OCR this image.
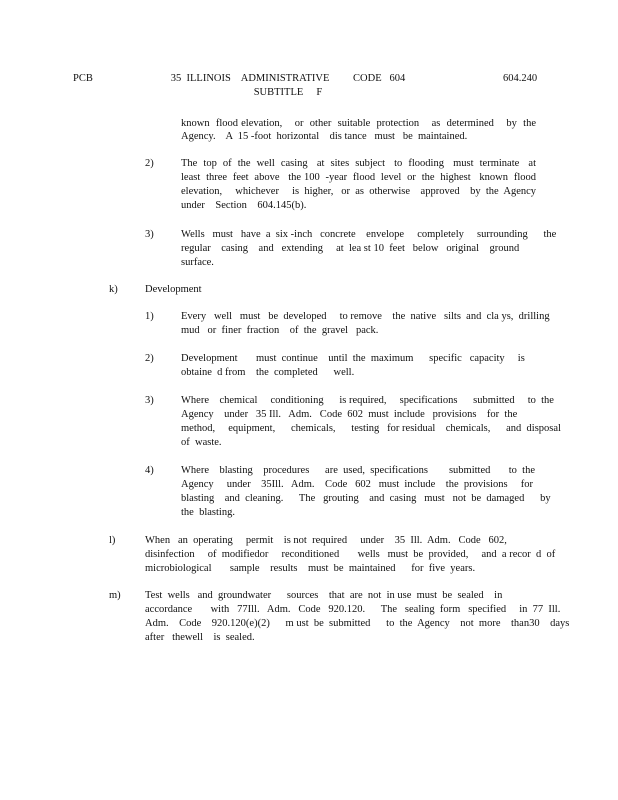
PCB	35  ILLINOIS    ADMINISTRATIVE         CODE   604
SUBTITLE     F
604.240
known  flood elevation,    or  other  suitable  protection    as  determined    by  the
Agency.    A  15 -foot  horizontal    dis tance   must   be  maintained.
2)	The  top  of  the  well  casing   at  sites  subject   to  flooding   must  terminate   at
least  three  feet  above   the 100  -year  flood  level  or  the  highest   known  flood
elevation,     whichever     is  higher,   or  as  otherwise    approved    by  the  Agency
under    Section    604.145(b).
3)	Wells   must   have  a  six -inch   concrete    envelope     completely     surrounding      the
regular    casing    and   extending     at  lea st 10  feet   below   original    ground
surface.
k)	Development
1)	Every   well   must   be  developed     to remove    the  native   silts  and  cla ys,  drilling
mud   or  finer  fraction    of  the  gravel   pack.
2)	Development       must  continue    until  the  maximum      specific   capacity     is
obtaine  d from    the  completed      well.
3)	Where    chemical     conditioning      is required,     specifications      submitted     to  the
Agency    under   35 Ill.   Adm.   Code  602  must  include   provisions    for  the
method,     equipment,      chemicals,      testing   for residual    chemicals,      and  disposal
of  waste.
4)	Where    blasting    procedures      are  used,  specifications        submitted       to  the
Agency     under    35Ill.   Adm.    Code   602   must  include    the  provisions     for
blasting    and  cleaning.      The   grouting    and  casing   must   not  be  damaged      by
the  blasting.
l)	When   an  operating     permit    is not  required     under    35  Ill.  Adm.   Code   602,
disinfection     of  modifiedor     reconditioned       wells   must  be  provided,     and  a recor  d  of
microbiological       sample    results    must  be  maintained      for  five  years.
m) Test  wells   and  groundwater      sources    that  are  not  in use  must  be  sealed    in
accordance       with   77Ill.   Adm.   Code   920.120.      The   sealing  form   specified     in  77  Ill.
Adm.    Code    920.120(e)(2)      m ust  be  submitted      to  the  Agency    not  more    than30    days
after   thewell    is  sealed.
